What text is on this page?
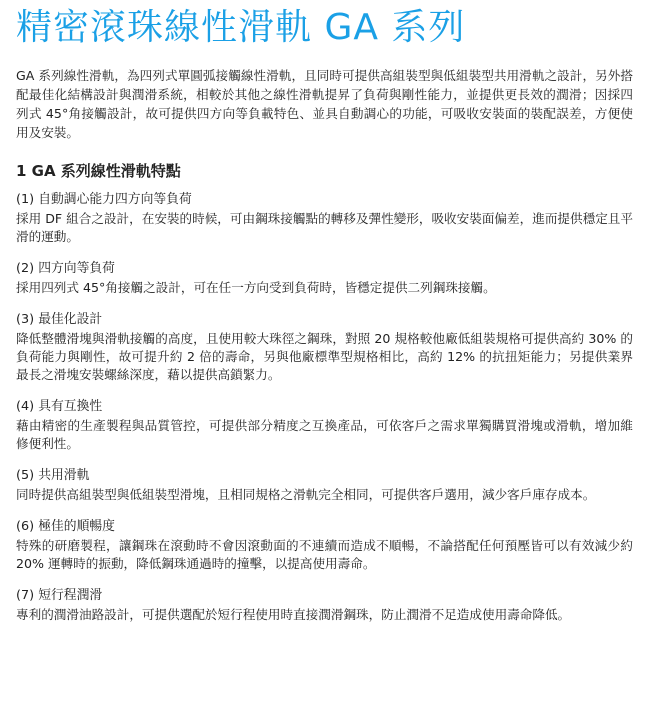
精密滾珠線性滑軌 GA 系列

GA 系列線性滑軌，為四列式單圓弧接觸線性滑軌，且同時可提供高組裝型與低組裝型共用滑軌之設計，另外搭配最佳化結構設計與潤滑系統，相較於其他之線性滑軌提昇了負荷與剛性能力，並提供更長效的潤滑；因採四列式 45°角接觸設計，故可提供四方向等負載特色、並具自動調心的功能，可吸收安裝面的裝配誤差，方便使用及安裝。

1 GA 系列線性滑軌特點
(1) 自動調心能力四方向等負荷
採用 DF 組合之設計，在安裝的時候，可由鋼珠接觸點的轉移及彈性變形，吸收安裝面偏差，進而提供穩定且平滑的運動。
(2) 四方向等負荷
採用四列式 45°角接觸之設計，可在任一方向受到負荷時，皆穩定提供二列鋼珠接觸。
(3) 最佳化設計
降低整體滑塊與滑軌接觸的高度，且使用較大珠徑之鋼珠，對照 20 規格較他廠低組裝規格可提供高約 30% 的負荷能力與剛性，故可提升約 2 倍的壽命，另與他廠標準型規格相比，高約 12% 的抗扭矩能力；另提供業界最長之滑塊安裝螺絲深度，藉以提供高鎖緊力。
(4) 具有互換性
藉由精密的生產製程與品質管控，可提供部分精度之互換產品，可依客戶之需求單獨購買滑塊或滑軌，增加維修便利性。
(5) 共用滑軌
同時提供高組裝型與低組裝型滑塊，且相同規格之滑軌完全相同，可提供客戶選用，減少客戶庫存成本。
(6) 極佳的順暢度
特殊的研磨製程，讓鋼珠在滾動時不會因滾動面的不連續而造成不順暢，不論搭配任何預壓皆可以有效減少約 20% 運轉時的振動，降低鋼珠通過時的撞擊，以提高使用壽命。
(7) 短行程潤滑
專利的潤滑油路設計，可提供選配於短行程使用時直接潤滑鋼珠，防止潤滑不足造成使用壽命降低。
